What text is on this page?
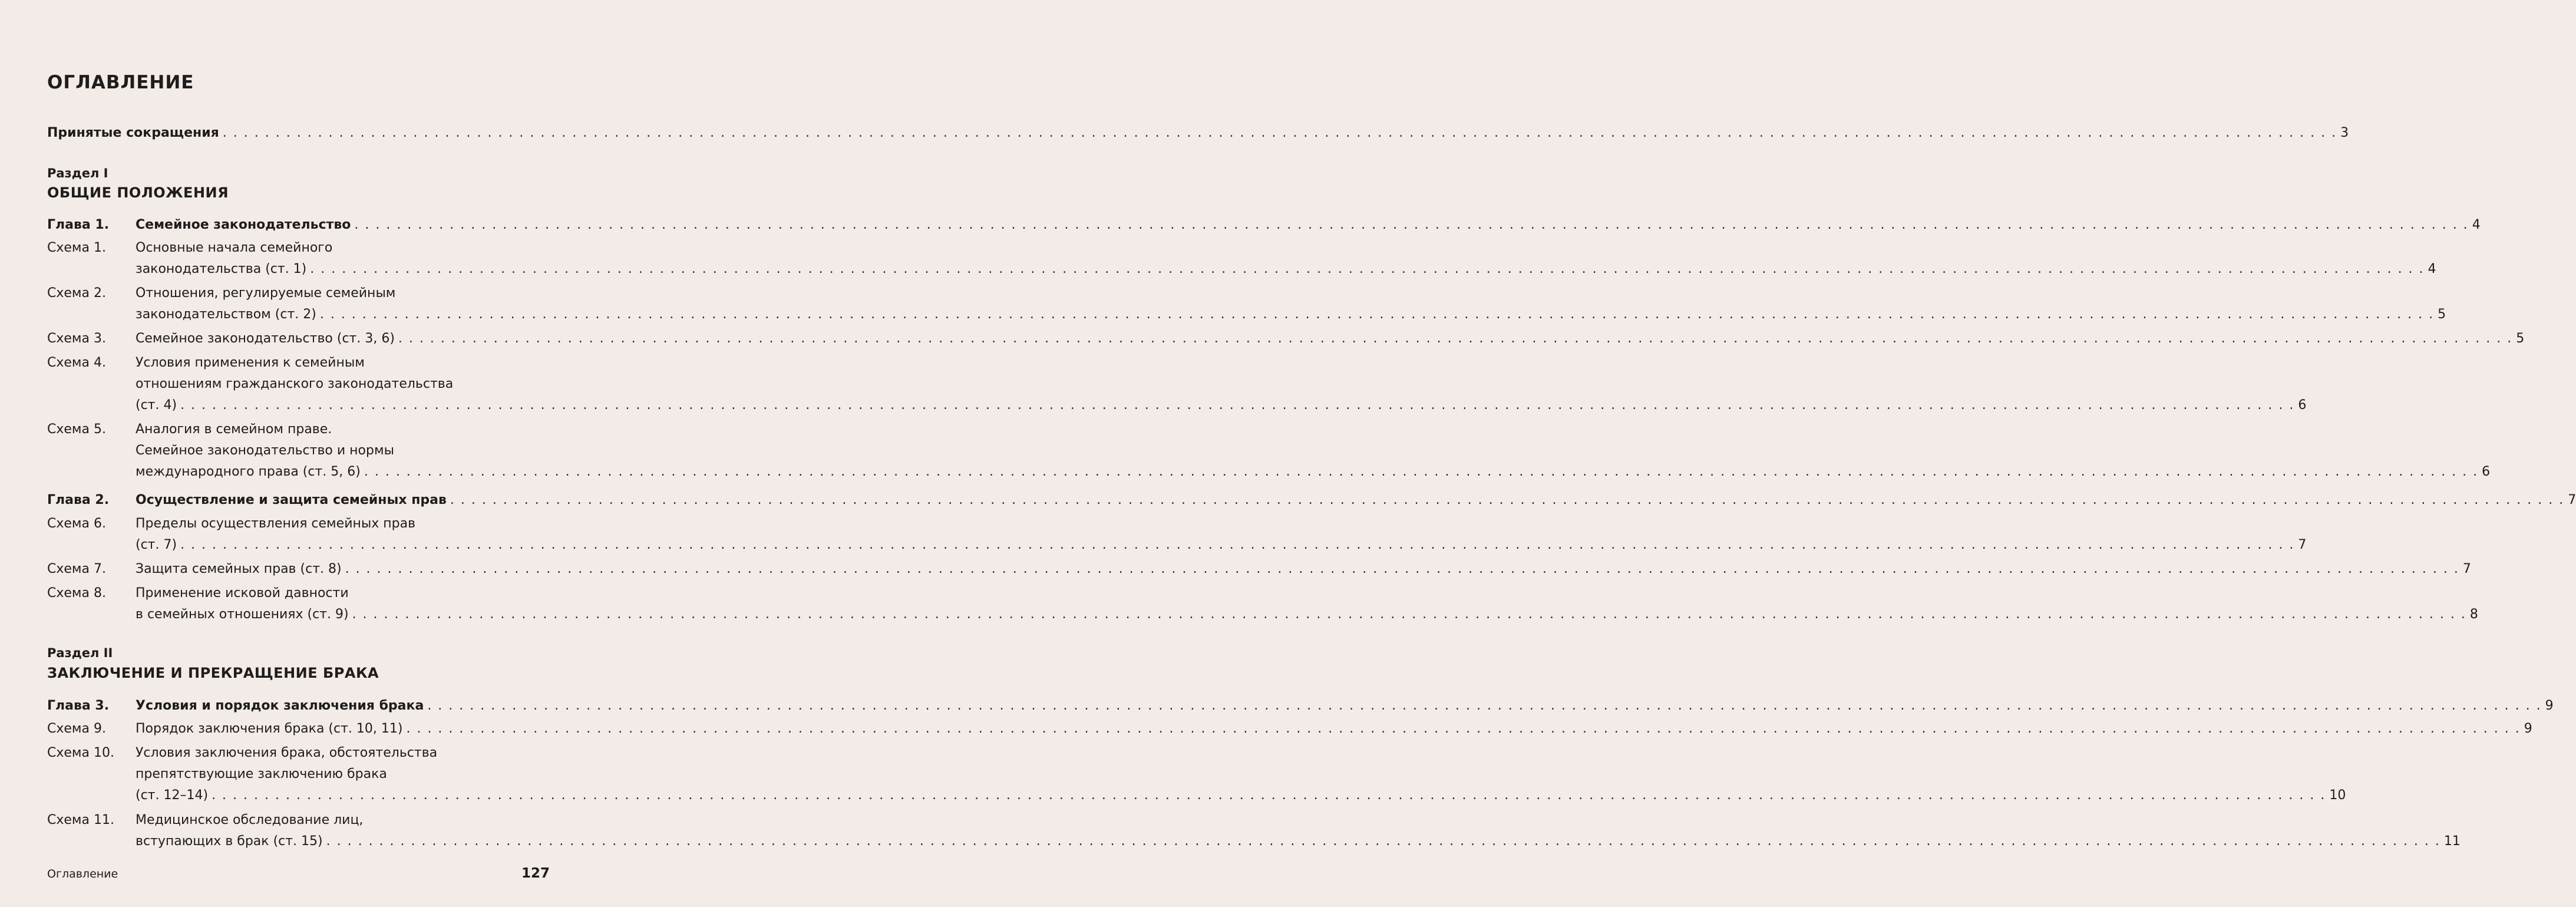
ОГЛАВЛЕНИЕ
Принятые сокращения . . . . . . . . . . . . . . . . . . . . . . . . . . . . . . . . . . . . . . . . . . . . . . . . . . . . . . . . . . . . . . . . . . . . . . . . . . . . . . . . . . . . . . . . . . . . . . . . . . . . . . . . . . . . . . . . . . . . . . . . . . . . . . . . . . . . . . . . . . . . . . . . . . . . . . . . . . . . . . . . . . . . . . . . . . . . . . . . . . . . . . . . . . . . . . . . . . . . . . . . 3
Раздел I
ОБЩИЕ ПОЛОЖЕНИЯ
Раздел II
ЗАКЛЮЧЕНИЕ И ПРЕКРАЩЕНИЕ БРАКА
Глава 1. Семейное законодательство . . . . . . . . . . . . . . . . . . . . . . . . . . . . . . . . . . . . . . . . . . . . . . . . . . . . . . . . . . . . . . . . . . . . . . . . . . . . . . . . . . . . . . . . . . . . . . . . . . . . . . . . . . . . . . . . . . . . . . . . . . . . . . . . . . . . . . . . . . . . . . . . . . . . . . . . . . . . . . . . . . . . . . . . . . . . . . . . . . . . . . . . . . . . . . . . . . . . . . . . 4
Схема 1. Основные начала семейного
законодательства (ст. 1) . . . . . . . . . . . . . . . . . . . . . . . . . . . . . . . . . . . . . . . . . . . . . . . . . . . . . . . . . . . . . . . . . . . . . . . . . . . . . . . . . . . . . . . . . . . . . . . . . . . . . . . . . . . . . . . . . . . . . . . . . . . . . . . . . . . . . . . . . . . . . . . . . . . . . . . . . . . . . . . . . . . . . . . . . . . . . . . . . . . . . . . . . . . . . . . . . . . . . . . . 4
Схема 2. Отношения, регулируемые семейным
законодательством (ст. 2) . . . . . . . . . . . . . . . . . . . . . . . . . . . . . . . . . . . . . . . . . . . . . . . . . . . . . . . . . . . . . . . . . . . . . . . . . . . . . . . . . . . . . . . . . . . . . . . . . . . . . . . . . . . . . . . . . . . . . . . . . . . . . . . . . . . . . . . . . . . . . . . . . . . . . . . . . . . . . . . . . . . . . . . . . . . . . . . . . . . . . . . . . . . . . . . . . . . . . . . . 5
Схема 3. Семейное законодательство (ст. 3, 6) . . . . . . . . . . . . . . . . . . . . . . . . . . . . . . . . . . . . . . . . . . . . . . . . . . . . . . . . . . . . . . . . . . . . . . . . . . . . . . . . . . . . . . . . . . . . . . . . . . . . . . . . . . . . . . . . . . . . . . . . . . . . . . . . . . . . . . . . . . . . . . . . . . . . . . . . . . . . . . . . . . . . . . . . . . . . . . . . . . . . . . . . . . . . . . . . . . . . . . . . 5
Схема 4. Условия применения к семейным
отношениям гражданского законодательства
(ст. 4) . . . . . . . . . . . . . . . . . . . . . . . . . . . . . . . . . . . . . . . . . . . . . . . . . . . . . . . . . . . . . . . . . . . . . . . . . . . . . . . . . . . . . . . . . . . . . . . . . . . . . . . . . . . . . . . . . . . . . . . . . . . . . . . . . . . . . . . . . . . . . . . . . . . . . . . . . . . . . . . . . . . . . . . . . . . . . . . . . . . . . . . . . . . . . . . . . . . . . . . . 6
Схема 5. Аналогия в семейном праве.
Семейное законодательство и нормы
международного права (ст. 5, 6) . . . . . . . . . . . . . . . . . . . . . . . . . . . . . . . . . . . . . . . . . . . . . . . . . . . . . . . . . . . . . . . . . . . . . . . . . . . . . . . . . . . . . . . . . . . . . . . . . . . . . . . . . . . . . . . . . . . . . . . . . . . . . . . . . . . . . . . . . . . . . . . . . . . . . . . . . . . . . . . . . . . . . . . . . . . . . . . . . . . . . . . . . . . . . . . . . . . . . . . . 6
Глава 2. Осуществление и защита семейных прав . . . . . . . . . . . . . . . . . . . . . . . . . . . . . . . . . . . . . . . . . . . . . . . . . . . . . . . . . . . . . . . . . . . . . . . . . . . . . . . . . . . . . . . . . . . . . . . . . . . . . . . . . . . . . . . . . . . . . . . . . . . . . . . . . . . . . . . . . . . . . . . . . . . . . . . . . . . . . . . . . . . . . . . . . . . . . . . . . . . . . . . . . . . . . . . . . . . . . . . . 7
Схема 6. Пределы осуществления семейных прав
(ст. 7) . . . . . . . . . . . . . . . . . . . . . . . . . . . . . . . . . . . . . . . . . . . . . . . . . . . . . . . . . . . . . . . . . . . . . . . . . . . . . . . . . . . . . . . . . . . . . . . . . . . . . . . . . . . . . . . . . . . . . . . . . . . . . . . . . . . . . . . . . . . . . . . . . . . . . . . . . . . . . . . . . . . . . . . . . . . . . . . . . . . . . . . . . . . . . . . . . . . . . . . . 7
Схема 7. Защита семейных прав (ст. 8) . . . . . . . . . . . . . . . . . . . . . . . . . . . . . . . . . . . . . . . . . . . . . . . . . . . . . . . . . . . . . . . . . . . . . . . . . . . . . . . . . . . . . . . . . . . . . . . . . . . . . . . . . . . . . . . . . . . . . . . . . . . . . . . . . . . . . . . . . . . . . . . . . . . . . . . . . . . . . . . . . . . . . . . . . . . . . . . . . . . . . . . . . . . . . . . . . . . . . . . . 7
Схема 8. Применение исковой давности
в семейных отношениях (ст. 9) . . . . . . . . . . . . . . . . . . . . . . . . . . . . . . . . . . . . . . . . . . . . . . . . . . . . . . . . . . . . . . . . . . . . . . . . . . . . . . . . . . . . . . . . . . . . . . . . . . . . . . . . . . . . . . . . . . . . . . . . . . . . . . . . . . . . . . . . . . . . . . . . . . . . . . . . . . . . . . . . . . . . . . . . . . . . . . . . . . . . . . . . . . . . . . . . . . . . . . . . 8
Глава 3. Условия и порядок заключения брака . . . . . . . . . . . . . . . . . . . . . . . . . . . . . . . . . . . . . . . . . . . . . . . . . . . . . . . . . . . . . . . . . . . . . . . . . . . . . . . . . . . . . . . . . . . . . . . . . . . . . . . . . . . . . . . . . . . . . . . . . . . . . . . . . . . . . . . . . . . . . . . . . . . . . . . . . . . . . . . . . . . . . . . . . . . . . . . . . . . . . . . . . . . . . . . . . . . . . . . . 9
Схема 9. Порядок заключения брака (ст. 10, 11) . . . . . . . . . . . . . . . . . . . . . . . . . . . . . . . . . . . . . . . . . . . . . . . . . . . . . . . . . . . . . . . . . . . . . . . . . . . . . . . . . . . . . . . . . . . . . . . . . . . . . . . . . . . . . . . . . . . . . . . . . . . . . . . . . . . . . . . . . . . . . . . . . . . . . . . . . . . . . . . . . . . . . . . . . . . . . . . . . . . . . . . . . . . . . . . . . . . . . . . . 9
Схема 10. Условия заключения брака, обстоятельства
препятствующие заключению брака
(ст. 12–14) . . . . . . . . . . . . . . . . . . . . . . . . . . . . . . . . . . . . . . . . . . . . . . . . . . . . . . . . . . . . . . . . . . . . . . . . . . . . . . . . . . . . . . . . . . . . . . . . . . . . . . . . . . . . . . . . . . . . . . . . . . . . . . . . . . . . . . . . . . . . . . . . . . . . . . . . . . . . . . . . . . . . . . . . . . . . . . . . . . . . . . . . . . . . . . . . . . . . . . . . 10
Схема 11. Медицинское обследование лиц,
вступающих в брак (ст. 15) . . . . . . . . . . . . . . . . . . . . . . . . . . . . . . . . . . . . . . . . . . . . . . . . . . . . . . . . . . . . . . . . . . . . . . . . . . . . . . . . . . . . . . . . . . . . . . . . . . . . . . . . . . . . . . . . . . . . . . . . . . . . . . . . . . . . . . . . . . . . . . . . . . . . . . . . . . . . . . . . . . . . . . . . . . . . . . . . . . . . . . . . . . . . . . . . . . . . . . . . 11
Оглавление	127
